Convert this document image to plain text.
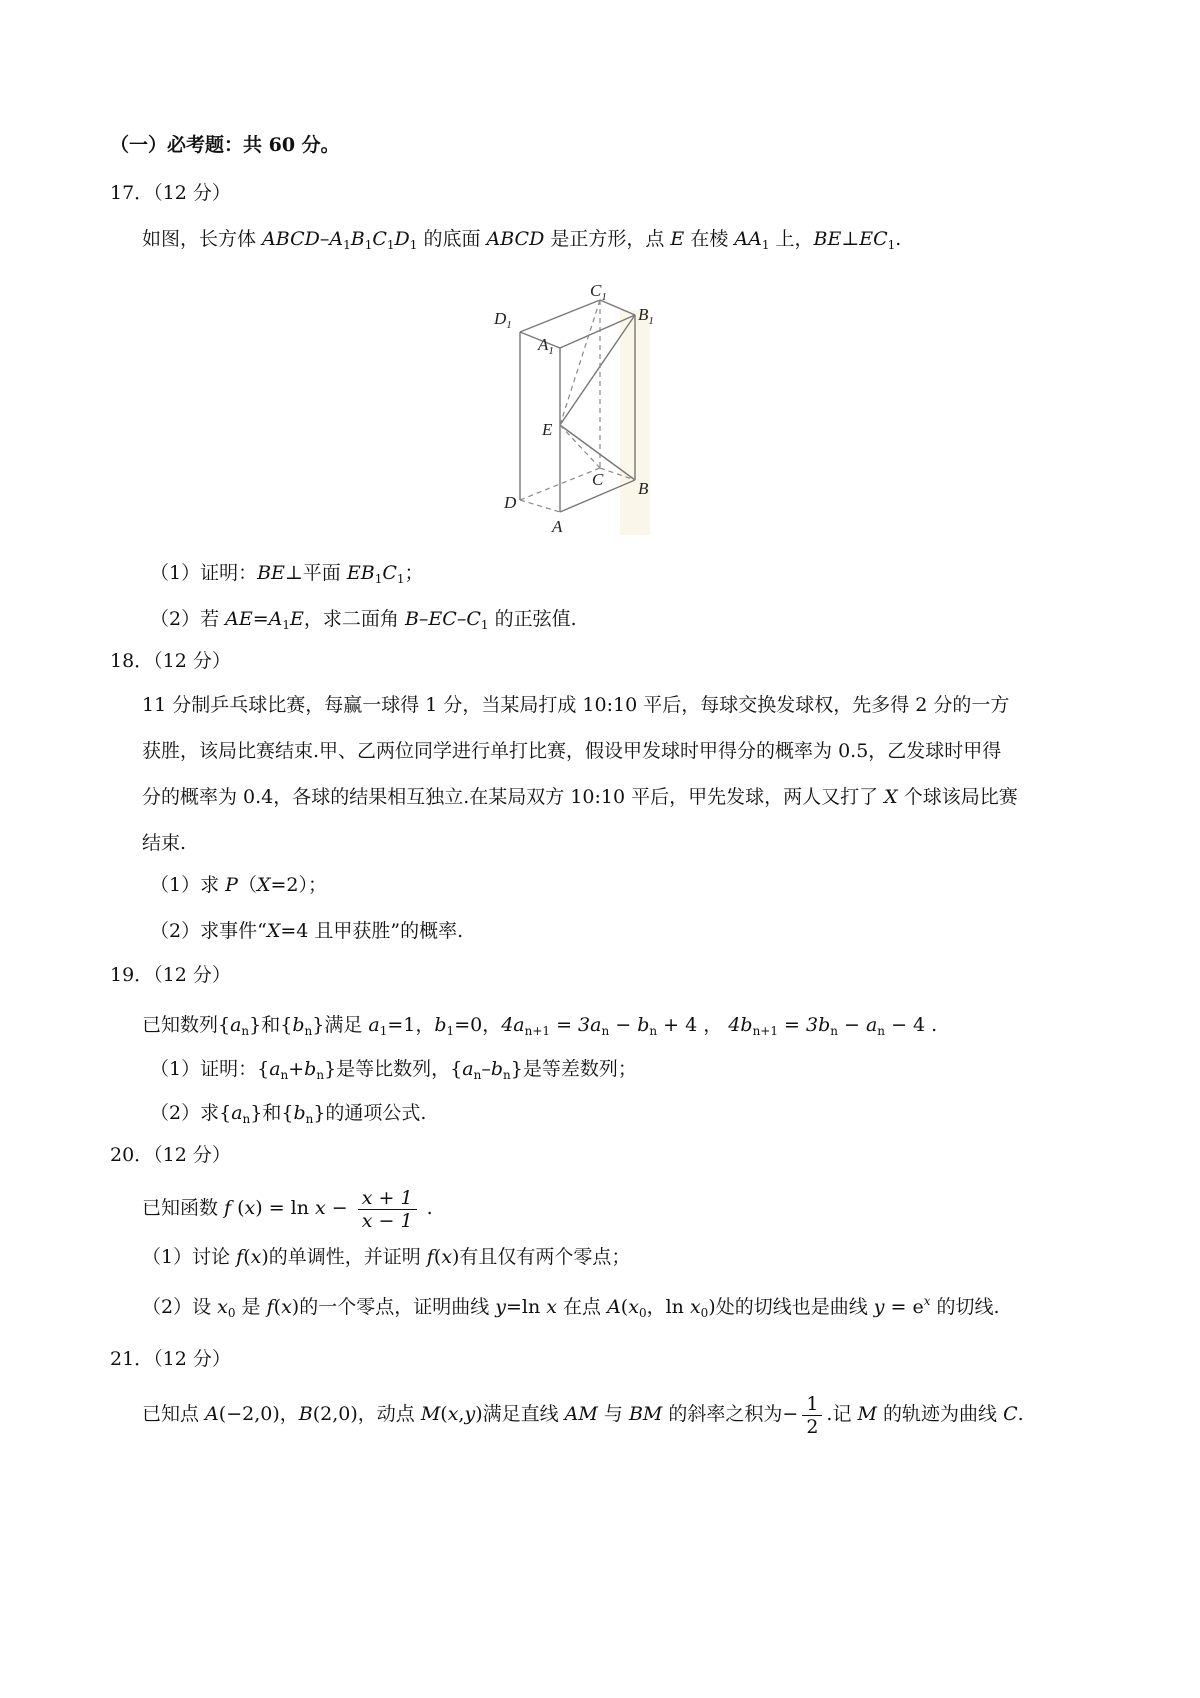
（一）必考题：共 60 分。
17．（12 分）
如图，长方体 ABCD–$A_1B_1C_1D_1$ 的底面 ABCD 是正方形，点 E 在棱 $AA_1$ 上，$BE\perp EC_1$.
$C_1$
$D_1$
$B_1$
$A_1$
E
C B
D
A
（1）证明：BE⊥平面 $EB_1C_1$；
（2）若 $AE=A_1E$，求二面角 $B-EC-C_1$ 的正弦值.
18．（12 分）
11 分制乒乓球比赛，每赢一球得 1 分，当某局打成 10:10 平后，每球交换发球权，先多得 2 分的一方
获胜，该局比赛结束.甲、乙两位同学进行单打比赛，假设甲发球时甲得分的概率为 0.5，乙发球时甲得
分的概率为 0.4，各球的结果相互独立.在某局双方 10:10 平后，甲先发球，两人又打了 X 个球该局比赛
结束.
（1）求 P（X=2）；
（2）求事件“X=4 且甲获胜”的概率.
19．（12 分）
已知数列$\{a_n\}$和$\{b_n\}$满足 $a_1=1$，$b_1=0$，$4a_{n+1} = 3a_n - b_n + 4$ ， $4b_{n+1} = 3b_n - a_n - 4$ .
（1）证明：$\{a_n+b_n\}$是等比数列，$\{a_n-b_n\}$是等差数列；
（2）求$\{a_n\}$和$\{b_n\}$的通项公式.
20．（12 分）
已知函数 f $(x) = \ln x - \frac{x + 1}{x - 1}$ .
（1）讨论 f(x)的单调性，并证明 f(x)有且仅有两个零点；
（2）设 $x_0$ 是 f(x)的一个零点，证明曲线 y=ln x 在点 $A(x_0$，$\ln x_0$)处的切线也是曲线 $y = e^x$ 的切线.
21．（12 分）
已知点 A(−2,0)，B(2,0)，动点 M(x,y)满足直线 AM 与 BM 的斜率之积为− $\frac{1}{2}$ .记 M 的轨迹为曲线 C.
